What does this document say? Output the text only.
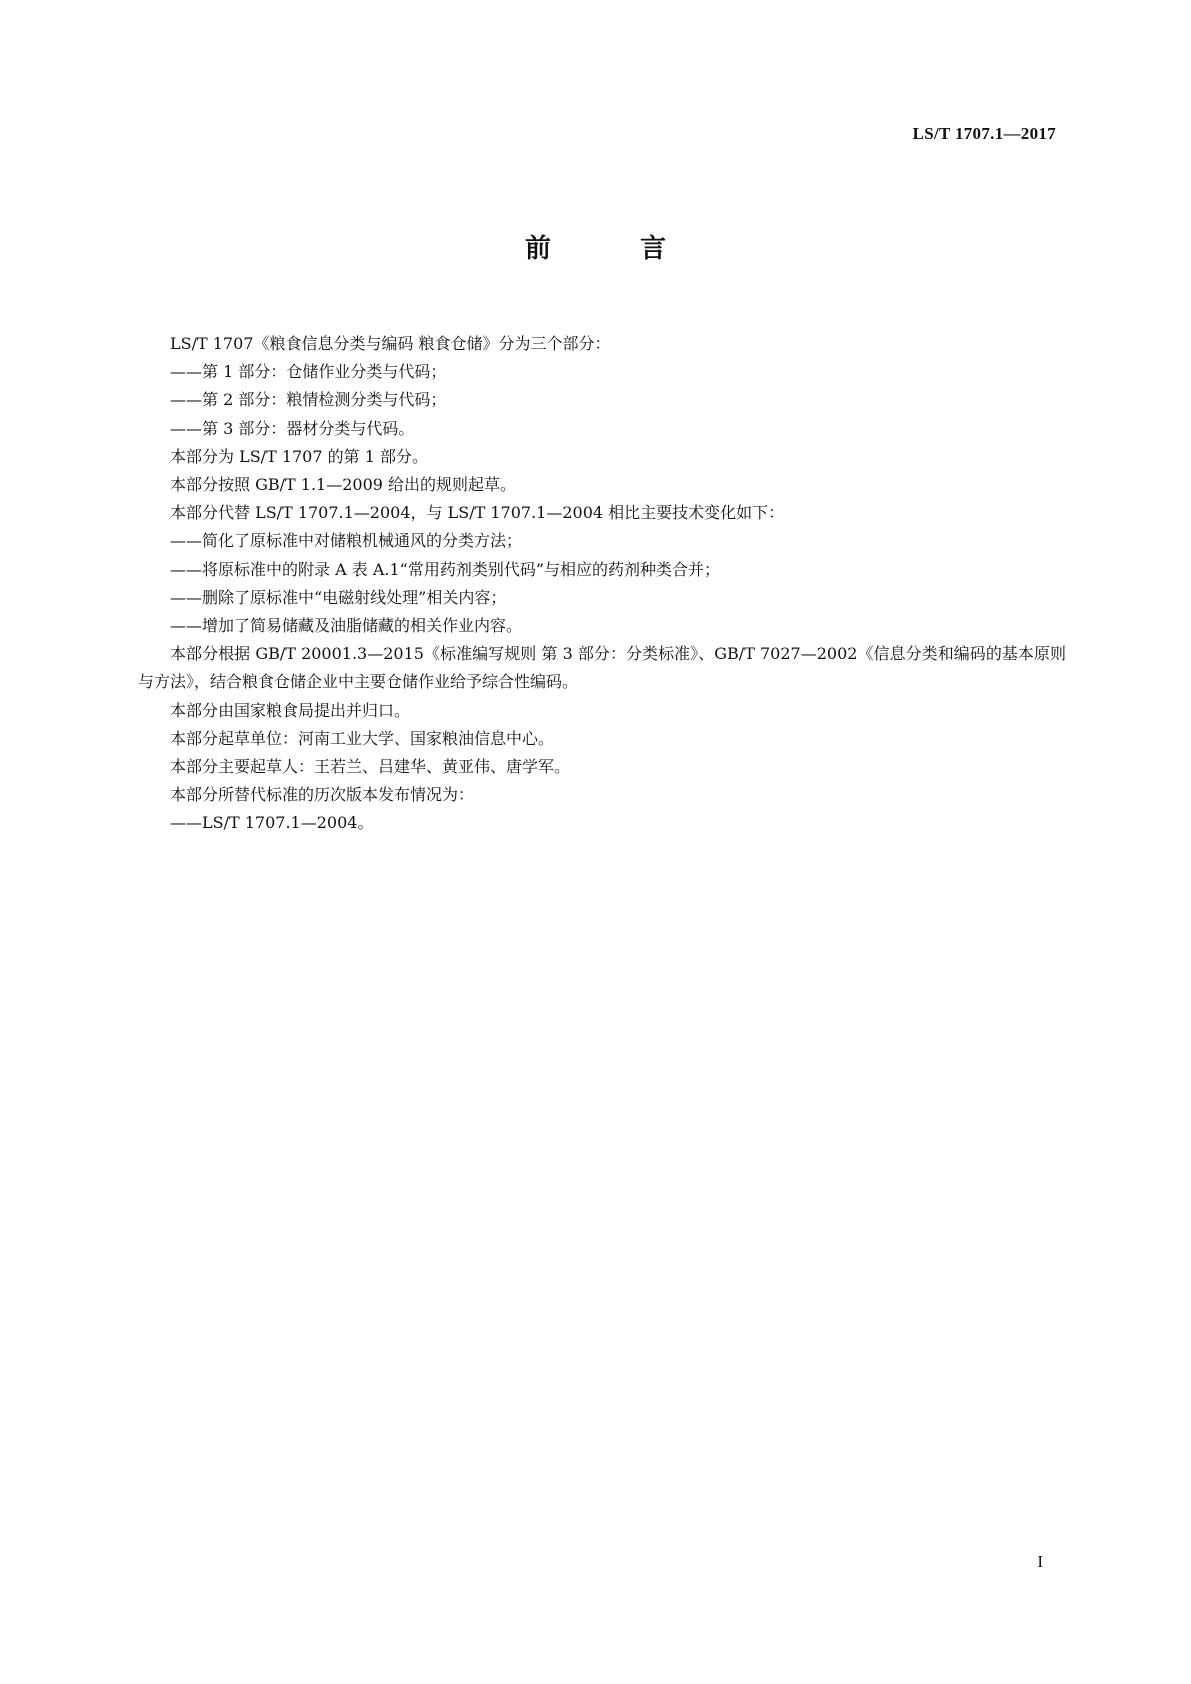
LS/T 1707.1—2017

前 言

LS/T 1707《粮食信息分类与编码 粮食仓储》分为三个部分：

——第 1 部分：仓储作业分类与代码；

——第 2 部分：粮情检测分类与代码；

——第 3 部分：器材分类与代码。

本部分为 LS/T 1707 的第 1 部分。

本部分按照 GB/T 1.1—2009 给出的规则起草。

本部分代替 LS/T 1707.1—2004，与 LS/T 1707.1—2004 相比主要技术变化如下：

——简化了原标准中对储粮机械通风的分类方法；

——将原标准中的附录 A 表 A.1“常用药剂类别代码”与相应的药剂种类合并；

——删除了原标准中“电磁射线处理”相关内容；

——增加了简易储藏及油脂储藏的相关作业内容。

本部分根据 GB/T 20001.3—2015《标准编写规则 第 3 部分：分类标准》、GB/T 7027—2002《信息分类和编码的基本原则与方法》，结合粮食仓储企业中主要仓储作业给予综合性编码。

本部分由国家粮食局提出并归口。

本部分起草单位：河南工业大学、国家粮油信息中心。

本部分主要起草人：王若兰、吕建华、黄亚伟、唐学军。

本部分所替代标准的历次版本发布情况为：

——LS/T 1707.1—2004。

I
